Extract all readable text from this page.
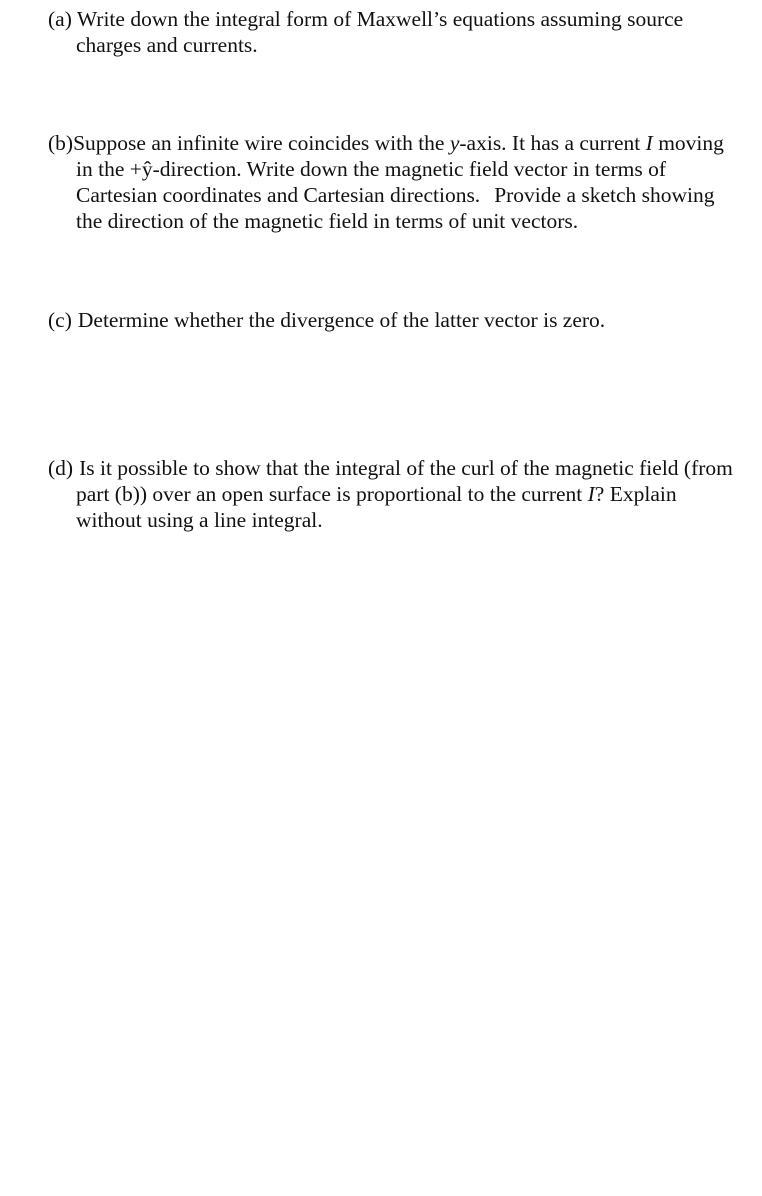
(a) Write down the integral form of Maxwell’s equations assuming source
charges and currents.
(b)Suppose an infinite wire coincides with the y-axis. It has a current I moving
in the +ŷ-direction. Write down the magnetic field vector in terms of
Cartesian coordinates and Cartesian directions. Provide a sketch showing
the direction of the magnetic field in terms of unit vectors.
(c) Determine whether the divergence of the latter vector is zero.
(d) Is it possible to show that the integral of the curl of the magnetic field (from
part (b)) over an open surface is proportional to the current I? Explain
without using a line integral.
